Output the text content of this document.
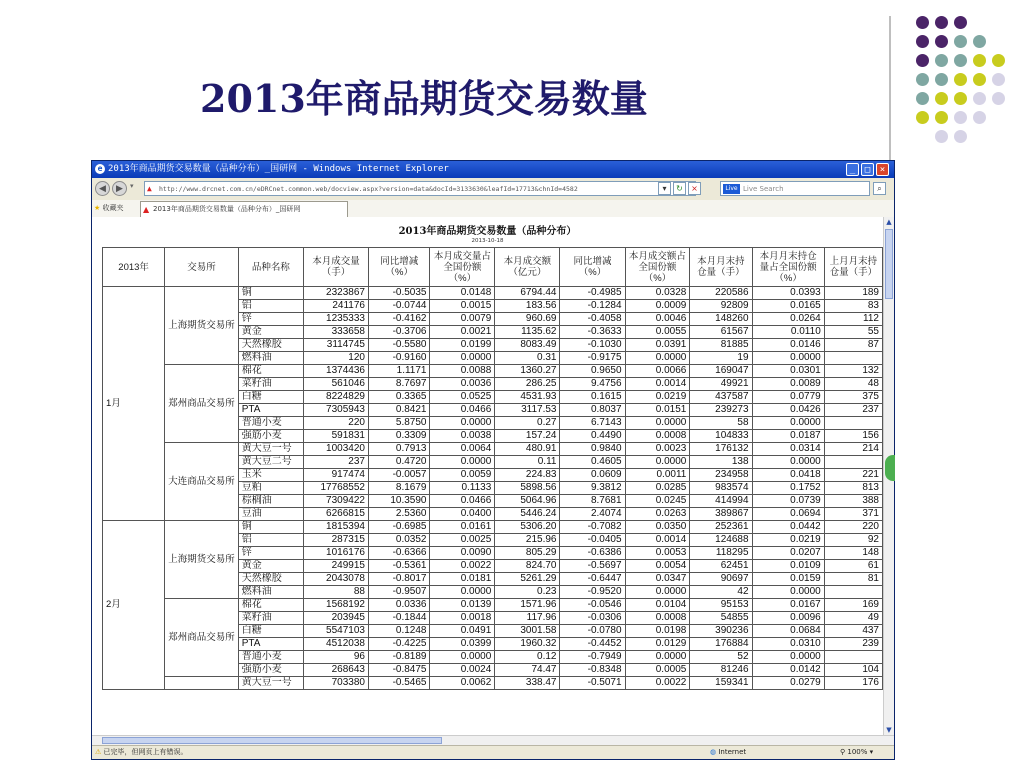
2013年商品期货交易数量
e 2013年商品期货交易数量（品种分布）_国研网 - Windows Internet Explorer	_	□	×
◀	▶	▾ ▲	http://www.drcnet.com.cn/eDRCnet.common.web/docview.aspx?version=data&docId=3133630&leafId=17713&chnId=4582	▾	↻	×	Live Live Search	⌕
★ 收藏夹 ▲ 2013年商品期货交易数量（品种分布）_国研网
2013年商品期货交易数量（品种分布）
2013-10-18
2013年	交易所	品种名称	本月成交量（手）	同比增减（%）	本月成交量占全国份额（%）	本月成交额（亿元）	同比增减（%）	本月成交额占全国份额（%）	本月月末持仓量（手）	本月月末持仓量占全国份额（%）	上月月末持仓量（手）
1月	上海期货交易所	铜	2323867	-0.5035	0.0148	6794.44	-0.4985	0.0328	220586	0.0393	189
		铝	241176	-0.0744	0.0015	183.56	-0.1284	0.0009	92809	0.0165	83
		锌	1235333	-0.4162	0.0079	960.69	-0.4058	0.0046	148260	0.0264	112
		黄金	333658	-0.3706	0.0021	1135.62	-0.3633	0.0055	61567	0.0110	55
		天然橡胶	3114745	-0.5580	0.0199	8083.49	-0.1030	0.0391	81885	0.0146	87
		燃料油	120	-0.9160	0.0000	0.31	-0.9175	0.0000	19	0.0000	
	郑州商品交易所	棉花	1374436	1.1171	0.0088	1360.27	0.9650	0.0066	169047	0.0301	132
		菜籽油	561046	8.7697	0.0036	286.25	9.4756	0.0014	49921	0.0089	48
		白糖	8224829	0.3365	0.0525	4531.93	0.1615	0.0219	437587	0.0779	375
		PTA	7305943	0.8421	0.0466	3117.53	0.8037	0.0151	239273	0.0426	237
		普通小麦	220	5.8750	0.0000	0.27	6.7143	0.0000	58	0.0000	
		强筋小麦	591831	0.3309	0.0038	157.24	0.4490	0.0008	104833	0.0187	156
	大连商品交易所	黄大豆一号	1003420	0.7913	0.0064	480.91	0.9840	0.0023	176132	0.0314	214
		黄大豆二号	237	0.4720	0.0000	0.11	0.4605	0.0000	138	0.0000	
		玉米	917474	-0.0057	0.0059	224.83	0.0609	0.0011	234958	0.0418	221
		豆粕	17768552	8.1679	0.1133	5898.56	9.3812	0.0285	983574	0.1752	813
		棕榈油	7309422	10.3590	0.0466	5064.96	8.7681	0.0245	414994	0.0739	388
		豆油	6266815	2.5360	0.0400	5446.24	2.4074	0.0263	389867	0.0694	371
2月	上海期货交易所	铜	1815394	-0.6985	0.0161	5306.20	-0.7082	0.0350	252361	0.0442	220
		铝	287315	0.0352	0.0025	215.96	-0.0405	0.0014	124688	0.0219	92
		锌	1016176	-0.6366	0.0090	805.29	-0.6386	0.0053	118295	0.0207	148
		黄金	249915	-0.5361	0.0022	824.70	-0.5697	0.0054	62451	0.0109	61
		天然橡胶	2043078	-0.8017	0.0181	5261.29	-0.6447	0.0347	90697	0.0159	81
		燃料油	88	-0.9507	0.0000	0.23	-0.9520	0.0000	42	0.0000	
	郑州商品交易所	棉花	1568192	0.0336	0.0139	1571.96	-0.0546	0.0104	95153	0.0167	169
		菜籽油	203945	-0.1844	0.0018	117.96	-0.0306	0.0008	54855	0.0096	49
		白糖	5547103	0.1248	0.0491	3001.58	-0.0780	0.0198	390236	0.0684	437
		PTA	4512038	-0.4225	0.0399	1960.32	-0.4452	0.0129	176884	0.0310	239
		普通小麦	96	-0.8189	0.0000	0.12	-0.7949	0.0000	52	0.0000	
		强筋小麦	268643	-0.8475	0.0024	74.47	-0.8348	0.0005	81246	0.0142	104
		黄大豆一号	703380	-0.5465	0.0062	338.47	-0.5071	0.0022	159341	0.0279	176
▲
▼
⚠ 已完毕，但网页上有错误。	◍ Internet	⚲ 100% ▾
